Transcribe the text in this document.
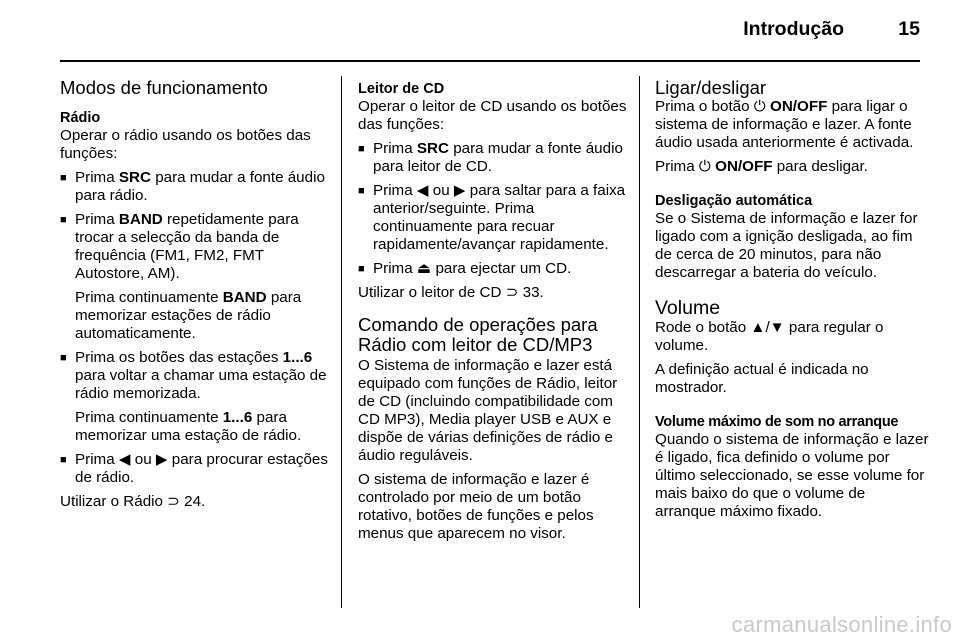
Introdução	15
Modos de funcionamento
Rádio

Operar o rádio usando os botões das funções:

■ Prima SRC para mudar a fonte áudio para rádio.
■ Prima BAND repetidamente para trocar a selecção da banda de frequência (FM1, FM2, FMT Autostore, AM).

Prima continuamente BAND para memorizar estações de rádio automaticamente.

■ Prima os botões das estações 1...6 para voltar a chamar uma estação de rádio memorizada.

Prima continuamente 1...6 para memorizar uma estação de rádio.

■ Prima ◀ ou ▶ para procurar estações de rádio.

Utilizar o Rádio ⊃ 24.

Leitor de CD

Operar o leitor de CD usando os botões das funções:

■ Prima SRC para mudar a fonte áudio para leitor de CD.
■ Prima ◀ ou ▶ para saltar para a faixa anterior/seguinte. Prima continuamente para recuar rapidamente/avançar rapidamente.
■ Prima ⏏ para ejectar um CD.

Utilizar o leitor de CD ⊃ 33.

Comando de operações para Rádio com leitor de CD/MP3

O Sistema de informação e lazer está equipado com funções de Rádio, leitor de CD (incluindo compatibilidade com CD MP3), Media player USB e AUX e dispõe de várias definições de rádio e áudio reguláveis.

O sistema de informação e lazer é controlado por meio de um botão rotativo, botões de funções e pelos menus que aparecem no visor.

Ligar/desligar

Prima o botão ⏻ ON/OFF para ligar o sistema de informação e lazer. A fonte áudio usada anteriormente é activada.

Prima ⏻ ON/OFF para desligar.

Desligação automática

Se o Sistema de informação e lazer for ligado com a ignição desligada, ao fim de cerca de 20 minutos, para não descarregar a bateria do veículo.

Volume

Rode o botão ▲/▼ para regular o volume.

A definição actual é indicada no mostrador.

Volume máximo de som no arranque

Quando o sistema de informação e lazer é ligado, fica definido o volume por último seleccionado, se esse volume for mais baixo do que o volume de arranque máximo fixado.

carmanualsonline.info
